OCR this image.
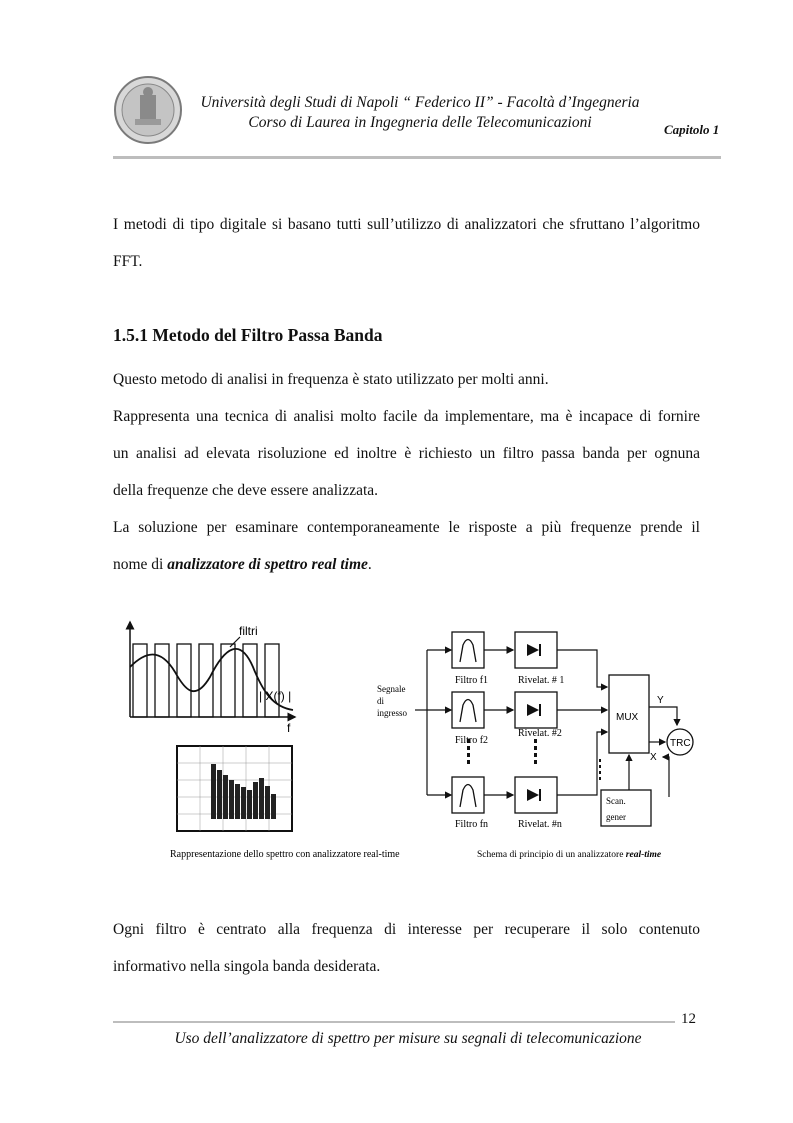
Università degli Studi di Napoli “ Federico II” - Facoltà d’Ingegneria
Corso di Laurea in Ingegneria delle Telecomunicazioni	Capitolo 1
I metodi di tipo digitale si basano tutti sull’utilizzo di analizzatori che sfruttano l’algoritmo
FFT.
1.5.1 Metodo del Filtro Passa Banda
Questo metodo di analisi in frequenza è stato utilizzato per molti anni.
Rappresenta una tecnica di analisi molto facile da implementare, ma è incapace di fornire
un analisi ad elevata risoluzione ed inoltre è richiesto un filtro passa banda per ognuna
della frequenze che deve essere analizzata.
La soluzione per esaminare contemporaneamente le risposte a più frequenze prende il
nome di analizzatore di spettro real time.
filtri
| X(f) |
f
Rappresentazione dello spettro con analizzatore real-time
Segnale
di
ingresso
Filtro f1
Filtro f2
Filtro fn
Rivelat. # 1
Rivelat. #2
Rivelat. #n
MUX
TRC
Y
X
Scan.
gener
Schema di principio di un analizzatore real-time
Ogni filtro è centrato alla frequenza di interesse per recuperare il solo contenuto
informativo nella singola banda desiderata.
12
Uso dell’analizzatore di spettro per misure su segnali di telecomunicazione
